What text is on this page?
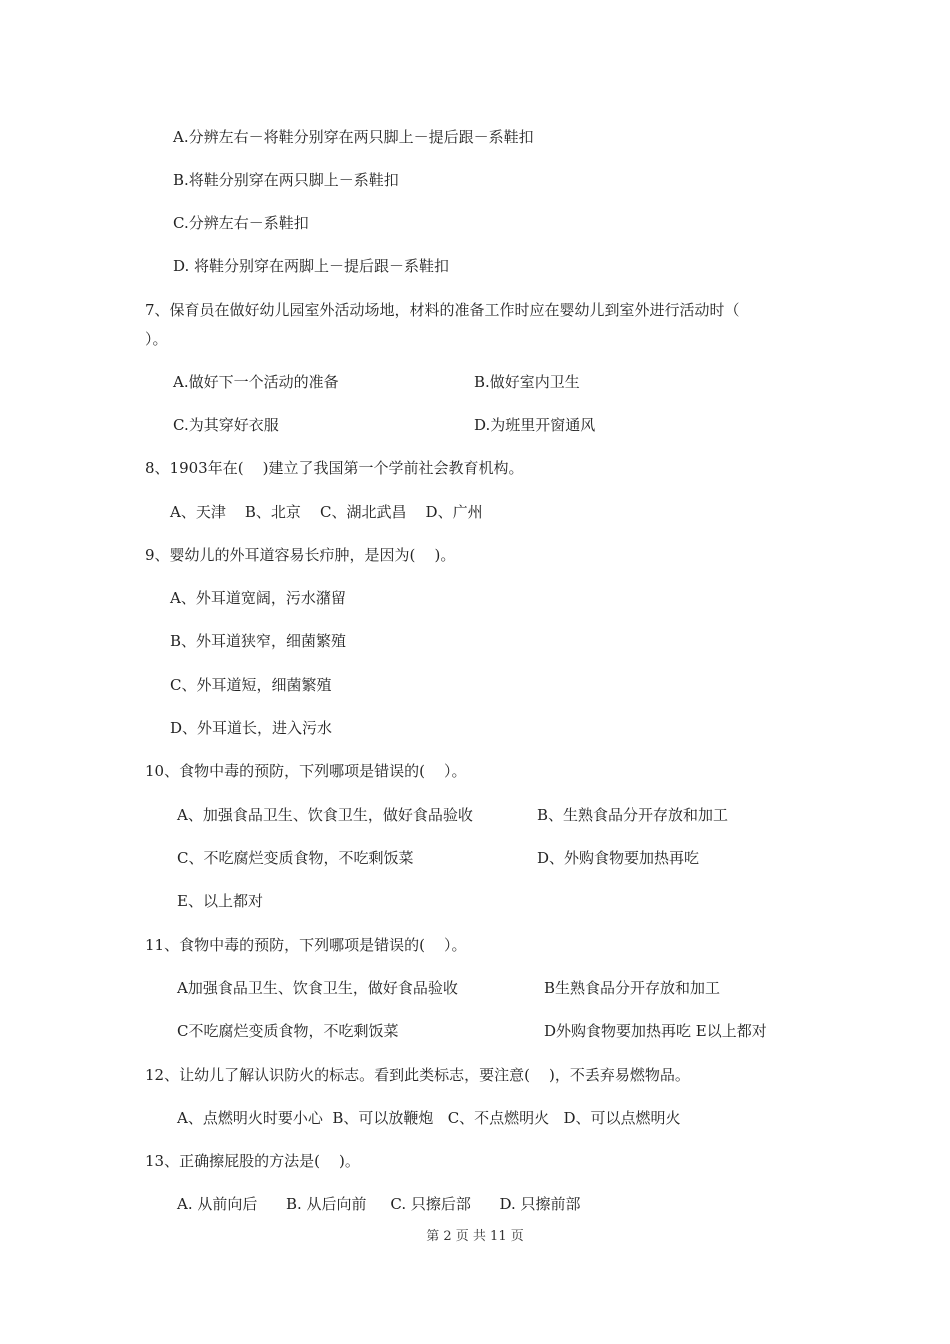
A.分辨左右－将鞋分别穿在两只脚上－提后跟－系鞋扣
B.将鞋分别穿在两只脚上－系鞋扣
C.分辨左右－系鞋扣
D. 将鞋分别穿在两脚上－提后跟－系鞋扣
7、保育员在做好幼儿园室外活动场地，材料的准备工作时应在婴幼儿到室外进行活动时（
）。
A.做好下一个活动的准备	B.做好室内卫生
C.为其穿好衣服	D.为班里开窗通风
8、1903年在(    )建立了我国第一个学前社会教育机构。
A、天津    B、北京    C、湖北武昌    D、广州
9、婴幼儿的外耳道容易长疖肿，是因为(    )。
A、外耳道宽阔，污水潴留
B、外耳道狭窄，细菌繁殖
C、外耳道短，细菌繁殖
D、外耳道长，进入污水
10、食物中毒的预防，下列哪项是错误的(    ）。
A、加强食品卫生、饮食卫生，做好食品验收	B、生熟食品分开存放和加工
C、不吃腐烂变质食物，不吃剩饭菜	D、外购食物要加热再吃
E、以上都对
11、食物中毒的预防，下列哪项是错误的(    ）。
A加强食品卫生、饮食卫生，做好食品验收	B生熟食品分开存放和加工
C不吃腐烂变质食物，不吃剩饭菜	D外购食物要加热再吃 E以上都对
12、让幼儿了解认识防火的标志。看到此类标志，要注意(    )，不丢弃易燃物品。
A、点燃明火时要小心  B、可以放鞭炮   C、不点燃明火   D、可以点燃明火
13、正确擦屁股的方法是(    )。
A. 从前向后      B. 从后向前     C. 只擦后部      D. 只擦前部
第 2 页 共 11 页
